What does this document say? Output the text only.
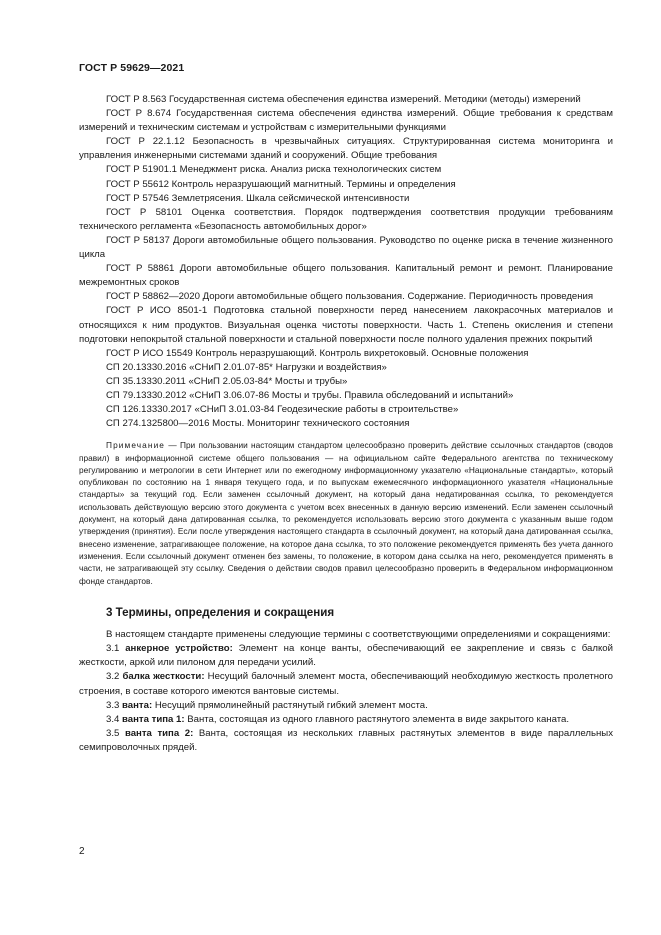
ГОСТ Р 59629—2021

ГОСТ Р 8.563 Государственная система обеспечения единства измерений. Методики (методы) измерений

ГОСТ Р 8.674 Государственная система обеспечения единства измерений. Общие требования к средствам измерений и техническим системам и устройствам с измерительными функциями

ГОСТ Р 22.1.12 Безопасность в чрезвычайных ситуациях. Структурированная система мониторинга и управления инженерными системами зданий и сооружений. Общие требования

ГОСТ Р 51901.1 Менеджмент риска. Анализ риска технологических систем

ГОСТ Р 55612 Контроль неразрушающий магнитный. Термины и определения

ГОСТ Р 57546 Землетрясения. Шкала сейсмической интенсивности

ГОСТ Р 58101 Оценка соответствия. Порядок подтверждения соответствия продукции требованиям технического регламента «Безопасность автомобильных дорог»

ГОСТ Р 58137 Дороги автомобильные общего пользования. Руководство по оценке риска в течение жизненного цикла

ГОСТ Р 58861 Дороги автомобильные общего пользования. Капитальный ремонт и ремонт. Планирование межремонтных сроков

ГОСТ Р 58862—2020 Дороги автомобильные общего пользования. Содержание. Периодичность проведения

ГОСТ Р ИСО 8501-1 Подготовка стальной поверхности перед нанесением лакокрасочных материалов и относящихся к ним продуктов. Визуальная оценка чистоты поверхности. Часть 1. Степень окисления и степени подготовки непокрытой стальной поверхности и стальной поверхности после полного удаления прежних покрытий

ГОСТ Р ИСО 15549 Контроль неразрушающий. Контроль вихретоковый. Основные положения

СП 20.13330.2016 «СНиП 2.01.07-85* Нагрузки и воздействия»

СП 35.13330.2011 «СНиП 2.05.03-84* Мосты и трубы»

СП 79.13330.2012 «СНиП 3.06.07-86 Мосты и трубы. Правила обследований и испытаний»

СП 126.13330.2017 «СНиП 3.01.03-84 Геодезические работы в строительстве»

СП 274.1325800—2016 Мосты. Мониторинг технического состояния

Примечание — При пользовании настоящим стандартом целесообразно проверить действие ссылочных стандартов (сводов правил) в информационной системе общего пользования — на официальном сайте Федерального агентства по техническому регулированию и метрологии в сети Интернет или по ежегодному информационному указателю «Национальные стандарты», который опубликован по состоянию на 1 января текущего года, и по выпускам ежемесячного информационного указателя «Национальные стандарты» за текущий год. Если заменен ссылочный документ, на который дана недатированная ссылка, то рекомендуется использовать действующую версию этого документа с учетом всех внесенных в данную версию изменений. Если заменен ссылочный документ, на который дана датированная ссылка, то рекомендуется использовать версию этого документа с указанным выше годом утверждения (принятия). Если после утверждения настоящего стандарта в ссылочный документ, на который дана датированная ссылка, внесено изменение, затрагивающее положение, на которое дана ссылка, то это положение рекомендуется применять без учета данного изменения. Если ссылочный документ отменен без замены, то положение, в котором дана ссылка на него, рекомендуется применять в части, не затрагивающей эту ссылку. Сведения о действии сводов правил целесообразно проверить в Федеральном информационном фонде стандартов.

3 Термины, определения и сокращения

В настоящем стандарте применены следующие термины с соответствующими определениями и сокращениями:

3.1 анкерное устройство: Элемент на конце ванты, обеспечивающий ее закрепление и связь с балкой жесткости, аркой или пилоном для передачи усилий.

3.2 балка жесткости: Несущий балочный элемент моста, обеспечивающий необходимую жесткость пролетного строения, в составе которого имеются вантовые системы.

3.3 ванта: Несущий прямолинейный растянутый гибкий элемент моста.

3.4 ванта типа 1: Ванта, состоящая из одного главного растянутого элемента в виде закрытого каната.

3.5 ванта типа 2: Ванта, состоящая из нескольких главных растянутых элементов в виде параллельных семипроволочных прядей.

2
